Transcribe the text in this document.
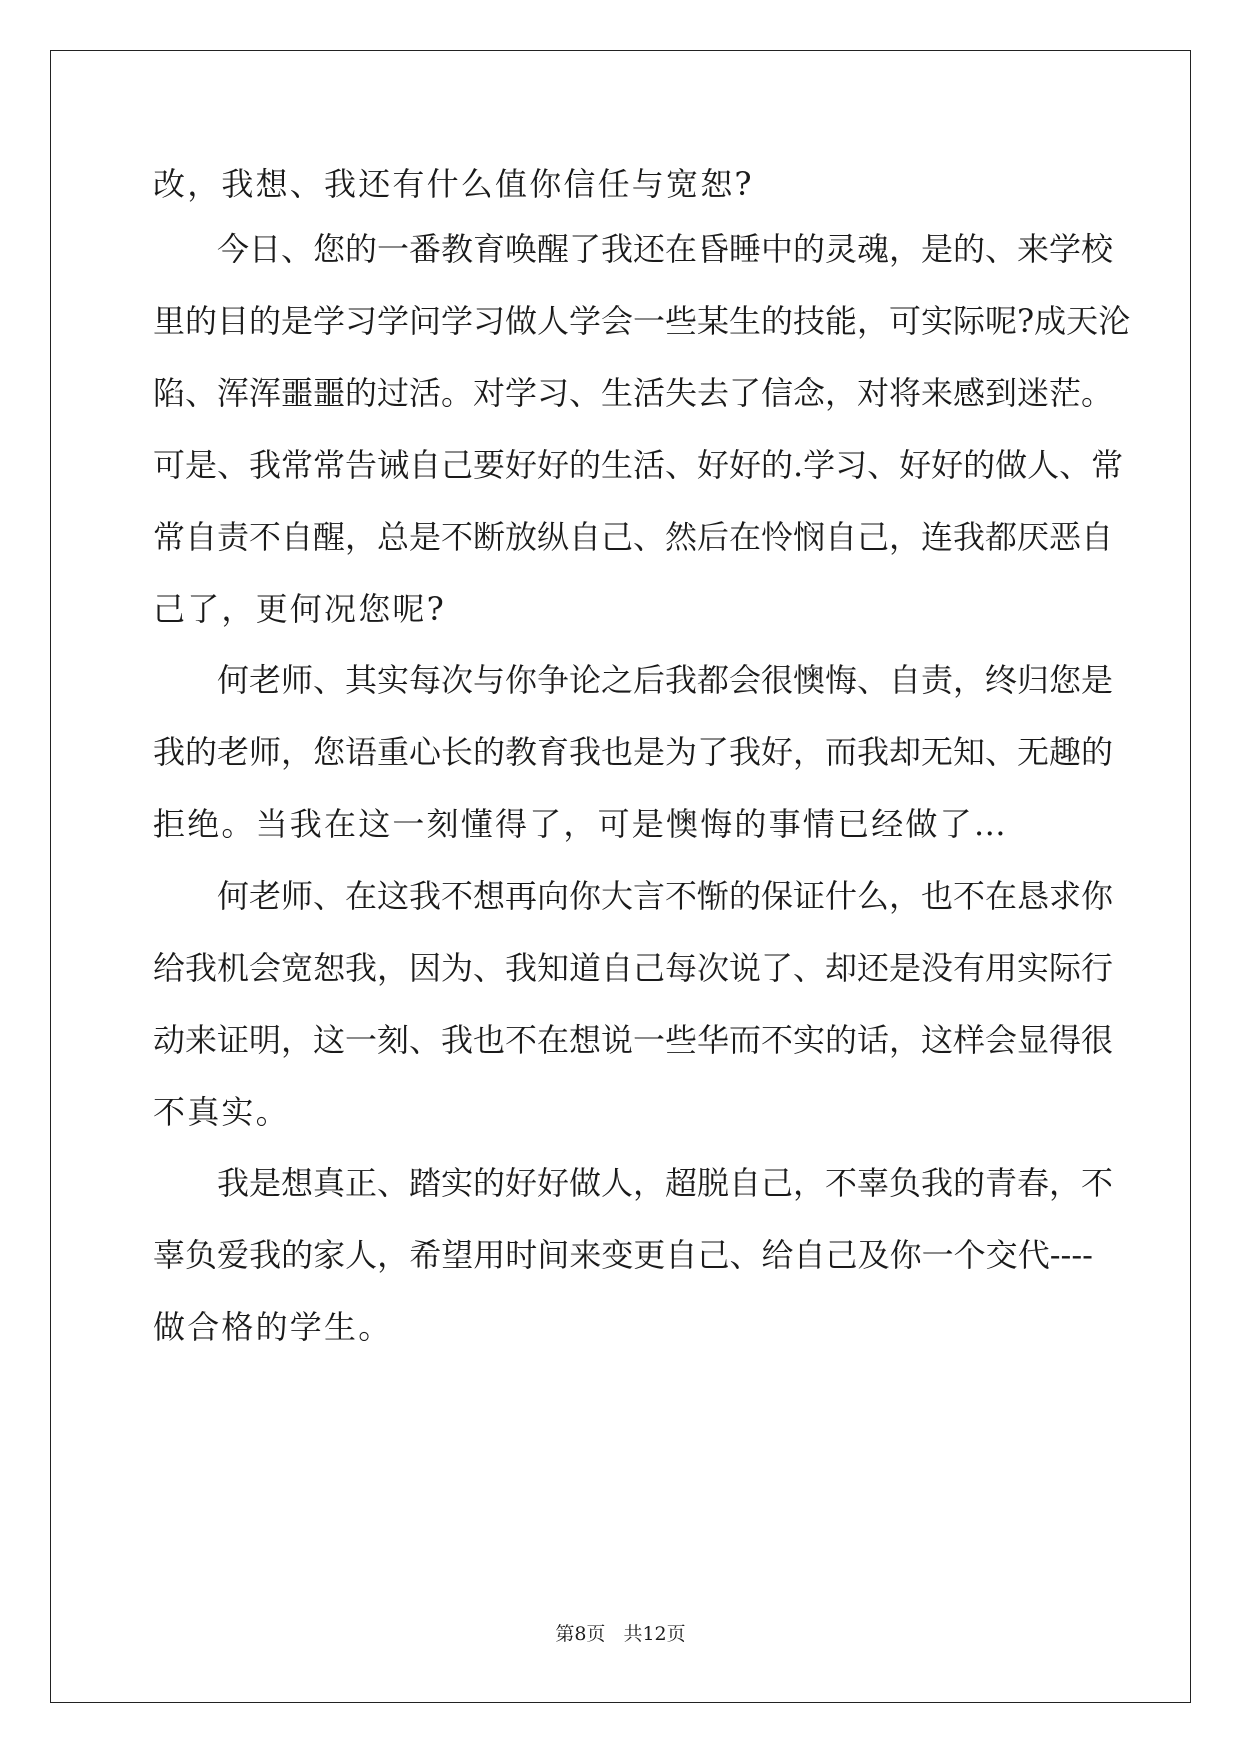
改，我想、我还有什么值你信任与宽恕?
今日、您的一番教育唤醒了我还在昏睡中的灵魂，是的、来学校
里的目的是学习学问学习做人学会一些某生的技能，可实际呢?成天沦
陷、浑浑噩噩的过活。对学习、生活失去了信念，对将来感到迷茫。
可是、我常常告诫自己要好好的生活、好好的.学习、好好的做人、常
常自责不自醒，总是不断放纵自己、然后在怜悯自己，连我都厌恶自
己了，更何况您呢?
何老师、其实每次与你争论之后我都会很懊悔、自责，终归您是
我的老师，您语重心长的教育我也是为了我好，而我却无知、无趣的
拒绝。当我在这一刻懂得了，可是懊悔的事情已经做了…
何老师、在这我不想再向你大言不惭的保证什么，也不在恳求你
给我机会宽恕我，因为、我知道自己每次说了、却还是没有用实际行
动来证明，这一刻、我也不在想说一些华而不实的话，这样会显得很
不真实。
我是想真正、踏实的好好做人，超脱自己，不辜负我的青春，不
辜负爱我的家人，希望用时间来变更自己、给自己及你一个交代----
做合格的学生。
第8页 共12页
